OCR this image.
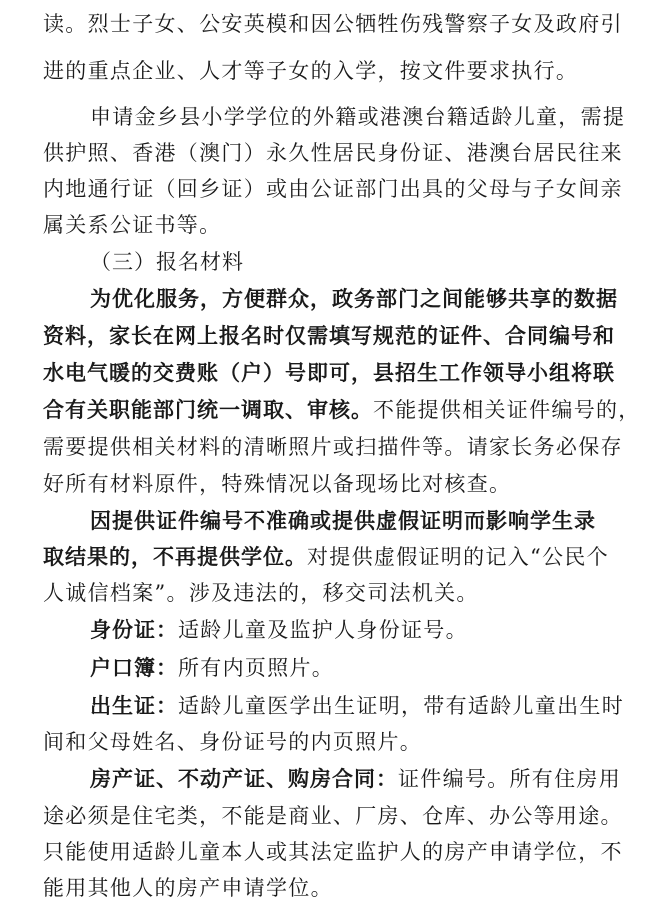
读。烈士子女、公安英模和因公牺牲伤残警察子女及政府引
进的重点企业、人才等子女的入学，按文件要求执行。
申请金乡县小学学位的外籍或港澳台籍适龄儿童，需提
供护照、香港（澳门）永久性居民身份证、港澳台居民往来
内地通行证（回乡证）或由公证部门出具的父母与子女间亲
属关系公证书等。
（三）报名材料
为优化服务，方便群众，政务部门之间能够共享的数据
资料，家长在网上报名时仅需填写规范的证件、合同编号和
水电气暖的交费账（户）号即可，县招生工作领导小组将联
合有关职能部门统一调取、审核。不能提供相关证件编号的，
需要提供相关材料的清晰照片或扫描件等。请家长务必保存
好所有材料原件，特殊情况以备现场比对核查。
因提供证件编号不准确或提供虚假证明而影响学生录
取结果的，不再提供学位。对提供虚假证明的记入“公民个
人诚信档案”。涉及违法的，移交司法机关。
身份证：适龄儿童及监护人身份证号。
户口簿：所有内页照片。
出生证：适龄儿童医学出生证明，带有适龄儿童出生时
间和父母姓名、身份证号的内页照片。
房产证、不动产证、购房合同：证件编号。所有住房用
途必须是住宅类，不能是商业、厂房、仓库、办公等用途。
只能使用适龄儿童本人或其法定监护人的房产申请学位，不
能用其他人的房产申请学位。
